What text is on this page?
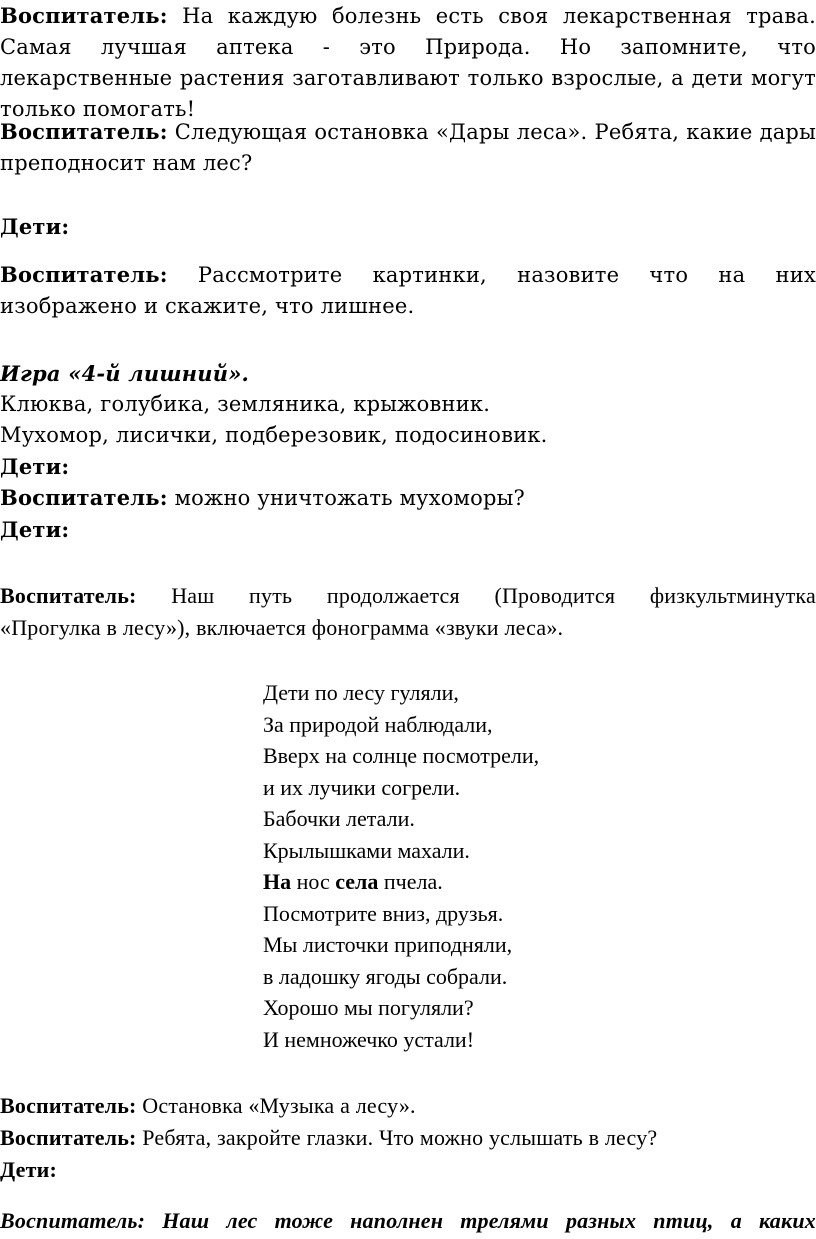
Воспитатель: На каждую болезнь есть своя лекарственная трава. Самая лучшая аптека - это Природа. Но запомните, что лекарственные растения заготавливают только взрослые, а дети могут только помогать!

Воспитатель: Следующая остановка «Дары леса». Ребята, какие дары преподносит нам лес?

Дети:

Воспитатель: Рассмотрите картинки, назовите что на них изображено и скажите, что лишнее.

Игра «4-й лишний».
Клюква, голубика, земляника, крыжовник.
Мухомор, лисички, подберезовик, подосиновик.
Дети:
Воспитатель: можно уничтожать мухоморы?
Дети:
Воспитатель: Наш путь продолжается (Проводится физкультминутка
«Прогулка в лесу»), включается фонограмма «звуки леса».
Дети по лесу гуляли,
За природой наблюдали,
Вверх на солнце посмотрели,
и их лучики согрели.
Бабочки летали.
Крылышками махали.
На нос села пчела.
Посмотрите вниз, друзья.
Мы листочки приподняли,
в ладошку ягоды собрали.
Хорошо мы погуляли?
И немножечко устали!
Воспитатель: Остановка «Музыка а лесу».
Воспитатель: Ребята, закройте глазки. Что можно услышать в лесу?
Дети:
Воспитатель: Наш лес тоже наполнен трелями разных птиц, а каких
